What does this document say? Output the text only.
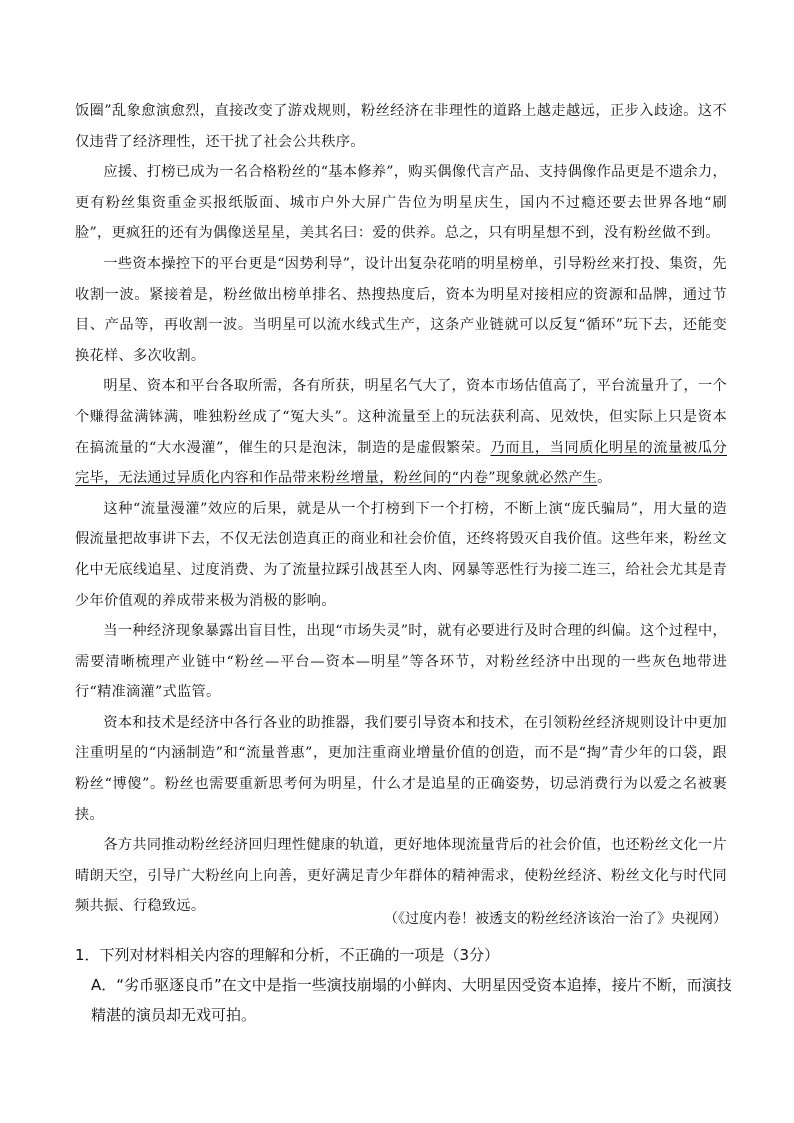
饭圈”乱象愈演愈烈，直接改变了游戏规则，粉丝经济在非理性的道路上越走越远，正步入歧途。这不仅违背了经济理性，还干扰了社会公共秩序。

应援、打榜已成为一名合格粉丝的“基本修养”，购买偶像代言产品、支持偶像作品更是不遗余力，更有粉丝集资重金买报纸版面、城市户外大屏广告位为明星庆生，国内不过瘾还要去世界各地“刷脸”，更疯狂的还有为偶像送星星，美其名曰：爱的供养。总之，只有明星想不到，没有粉丝做不到。

一些资本操控下的平台更是“因势利导”，设计出复杂花哨的明星榜单，引导粉丝来打投、集资，先收割一波。紧接着是，粉丝做出榜单排名、热搜热度后，资本为明星对接相应的资源和品牌，通过节目、产品等，再收割一波。当明星可以流水线式生产，这条产业链就可以反复“循环”玩下去，还能变换花样、多次收割。

明星、资本和平台各取所需，各有所获，明星名气大了，资本市场估值高了，平台流量升了，一个个赚得盆满钵满，唯独粉丝成了“冤大头”。这种流量至上的玩法获利高、见效快，但实际上只是资本在搞流量的“大水漫灌”，催生的只是泡沫，制造的是虚假繁荣。乃而且，当同质化明星的流量被瓜分完毕，无法通过异质化内容和作品带来粉丝增量，粉丝间的“内卷”现象就必然产生。

这种“流量漫灌”效应的后果，就是从一个打榜到下一个打榜，不断上演“庞氏骗局”，用大量的造假流量把故事讲下去，不仅无法创造真正的商业和社会价值，还终将毁灭自我价值。这些年来，粉丝文化中无底线追星、过度消费、为了流量拉踩引战甚至人肉、网暴等恶性行为接二连三，给社会尤其是青少年价值观的养成带来极为消极的影响。

当一种经济现象暴露出盲目性，出现“市场失灵”时，就有必要进行及时合理的纠偏。这个过程中，需要清晰梳理产业链中“粉丝—平台—资本—明星”等各环节，对粉丝经济中出现的一些灰色地带进行“精准滴灌”式监管。

资本和技术是经济中各行各业的助推器，我们要引导资本和技术，在引领粉丝经济规则设计中更加注重明星的“内涵制造”和“流量普惠”，更加注重商业增量价值的创造，而不是“掏”青少年的口袋，跟粉丝“博傻”。粉丝也需要重新思考何为明星，什么才是追星的正确姿势，切忌消费行为以爱之名被裹挟。

各方共同推动粉丝经济回归理性健康的轨道，更好地体现流量背后的社会价值，也还粉丝文化一片晴朗天空，引导广大粉丝向上向善，更好满足青少年群体的精神需求，使粉丝经济、粉丝文化与时代同频共振、行稳致远。

（《过度内卷！被透支的粉丝经济该治一治了》央视网）

1．下列对材料相关内容的理解和分析，不正确的一项是（3分）

A．“劣币驱逐良币”在文中是指一些演技崩塌的小鲜肉、大明星因受资本追捧，接片不断，而演技精湛的演员却无戏可拍。
